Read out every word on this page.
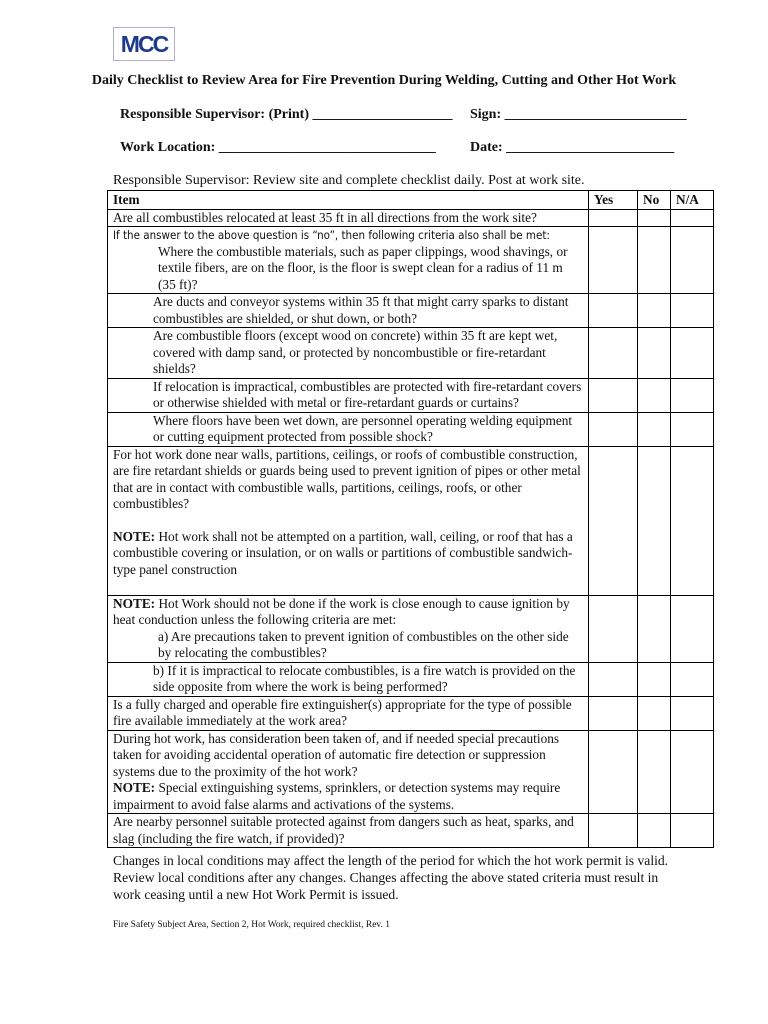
MCC
Daily Checklist to Review Area for Fire Prevention During Welding, Cutting and Other Hot Work
Responsible Supervisor: (Print) ____________________ Sign: __________________________
Work Location: _______________________________ Date: ________________________
Responsible Supervisor: Review site and complete checklist daily. Post at work site.
Item	Yes	No	N/A
Are all combustibles relocated at least 35 ft in all directions from the work site?			

If the answer to the above question is “no”, then following criteria also shall be met:

Where the combustible materials, such as paper clippings, wood shavings, or textile fibers, are on the floor, is the floor is swept clean for a radius of 11 m (35 ft)?			

Are ducts and conveyor systems within 35 ft that might carry sparks to distant combustibles are shielded, or shut down, or both?			
Are combustible floors (except wood on concrete) within 35 ft are kept wet, covered with damp sand, or protected by noncombustible or fire-retardant shields?			
If relocation is impractical, combustibles are protected with fire-retardant covers or otherwise shielded with metal or fire-retardant guards or curtains?			
Where floors have been wet down, are personnel operating welding equipment or cutting equipment protected from possible shock?			

For hot work done near walls, partitions, ceilings, or roofs of combustible construction, are fire retardant shields or guards being used to prevent ignition of pipes or other metal that are in contact with combustible walls, partitions, ceilings, roofs, or other combustibles?

NOTE: Hot work shall not be attempted on a partition, wall, ceiling, or roof that has a combustible covering or insulation, or on walls or partitions of combustible sandwich-type panel construction			

NOTE: Hot Work should not be done if the work is close enough to cause ignition by heat conduction unless the following criteria are met:

a) Are precautions taken to prevent ignition of combustibles on the other side by relocating the combustibles?			

b) If it is impractical to relocate combustibles, is a fire watch is provided on the side opposite from where the work is being performed?			
Is a fully charged and operable fire extinguisher(s) appropriate for the type of possible fire available immediately at the work area?			

During hot work, has consideration been taken of, and if needed special precautions taken for avoiding accidental operation of automatic fire detection or suppression systems due to the proximity of the hot work?

NOTE: Special extinguishing systems, sprinklers, or detection systems may require impairment to avoid false alarms and activations of the systems.			

Are nearby personnel suitable protected against from dangers such as heat, sparks, and slag (including the fire watch, if provided)?			
Changes in local conditions may affect the length of the period for which the hot work permit is valid. Review local conditions after any changes. Changes affecting the above stated criteria must result in work ceasing until a new Hot Work Permit is issued.
Fire Safety Subject Area, Section 2, Hot Work, required checklist, Rev. 1
